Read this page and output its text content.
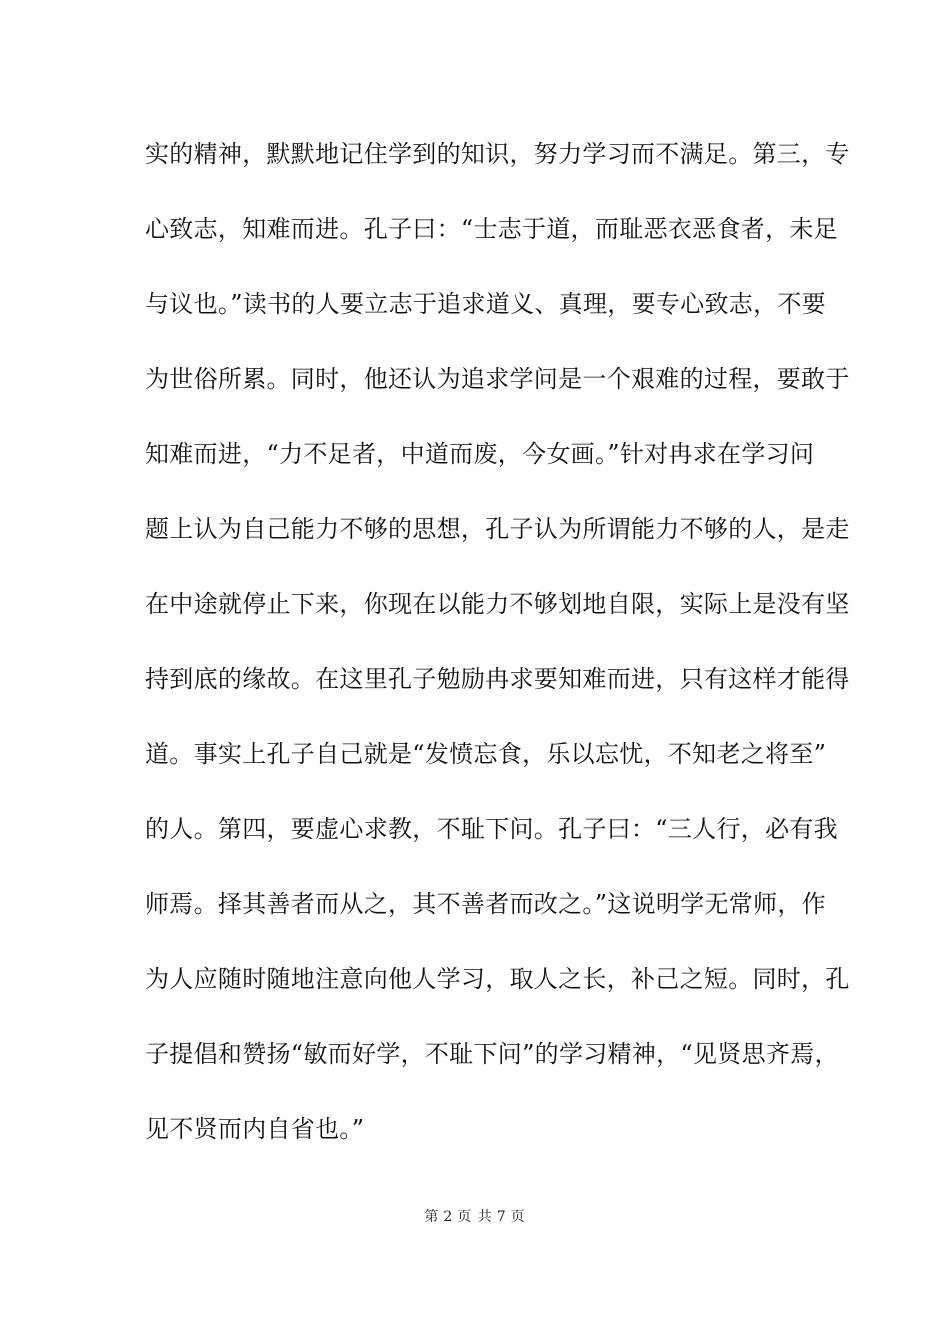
实的精神，默默地记住学到的知识，努力学习而不满足。第三，专
心致志，知难而进。孔子曰：“士志于道，而耻恶衣恶食者，未足
与议也。”读书的人要立志于追求道义、真理，要专心致志，不要
为世俗所累。同时，他还认为追求学问是一个艰难的过程，要敢于
知难而进，“力不足者，中道而废，今女画。”针对冉求在学习问
题上认为自己能力不够的思想，孔子认为所谓能力不够的人，是走
在中途就停止下来，你现在以能力不够划地自限，实际上是没有坚
持到底的缘故。在这里孔子勉励冉求要知难而进，只有这样才能得
道。事实上孔子自己就是“发愤忘食，乐以忘忧，不知老之将至”
的人。第四，要虚心求教，不耻下问。孔子曰：“三人行，必有我
师焉。择其善者而从之，其不善者而改之。”这说明学无常师，作
为人应随时随地注意向他人学习，取人之长，补己之短。同时，孔
子提倡和赞扬“敏而好学，不耻下问”的学习精神，“见贤思齐焉，
见不贤而内自省也。”
第 2 页 共 7 页
